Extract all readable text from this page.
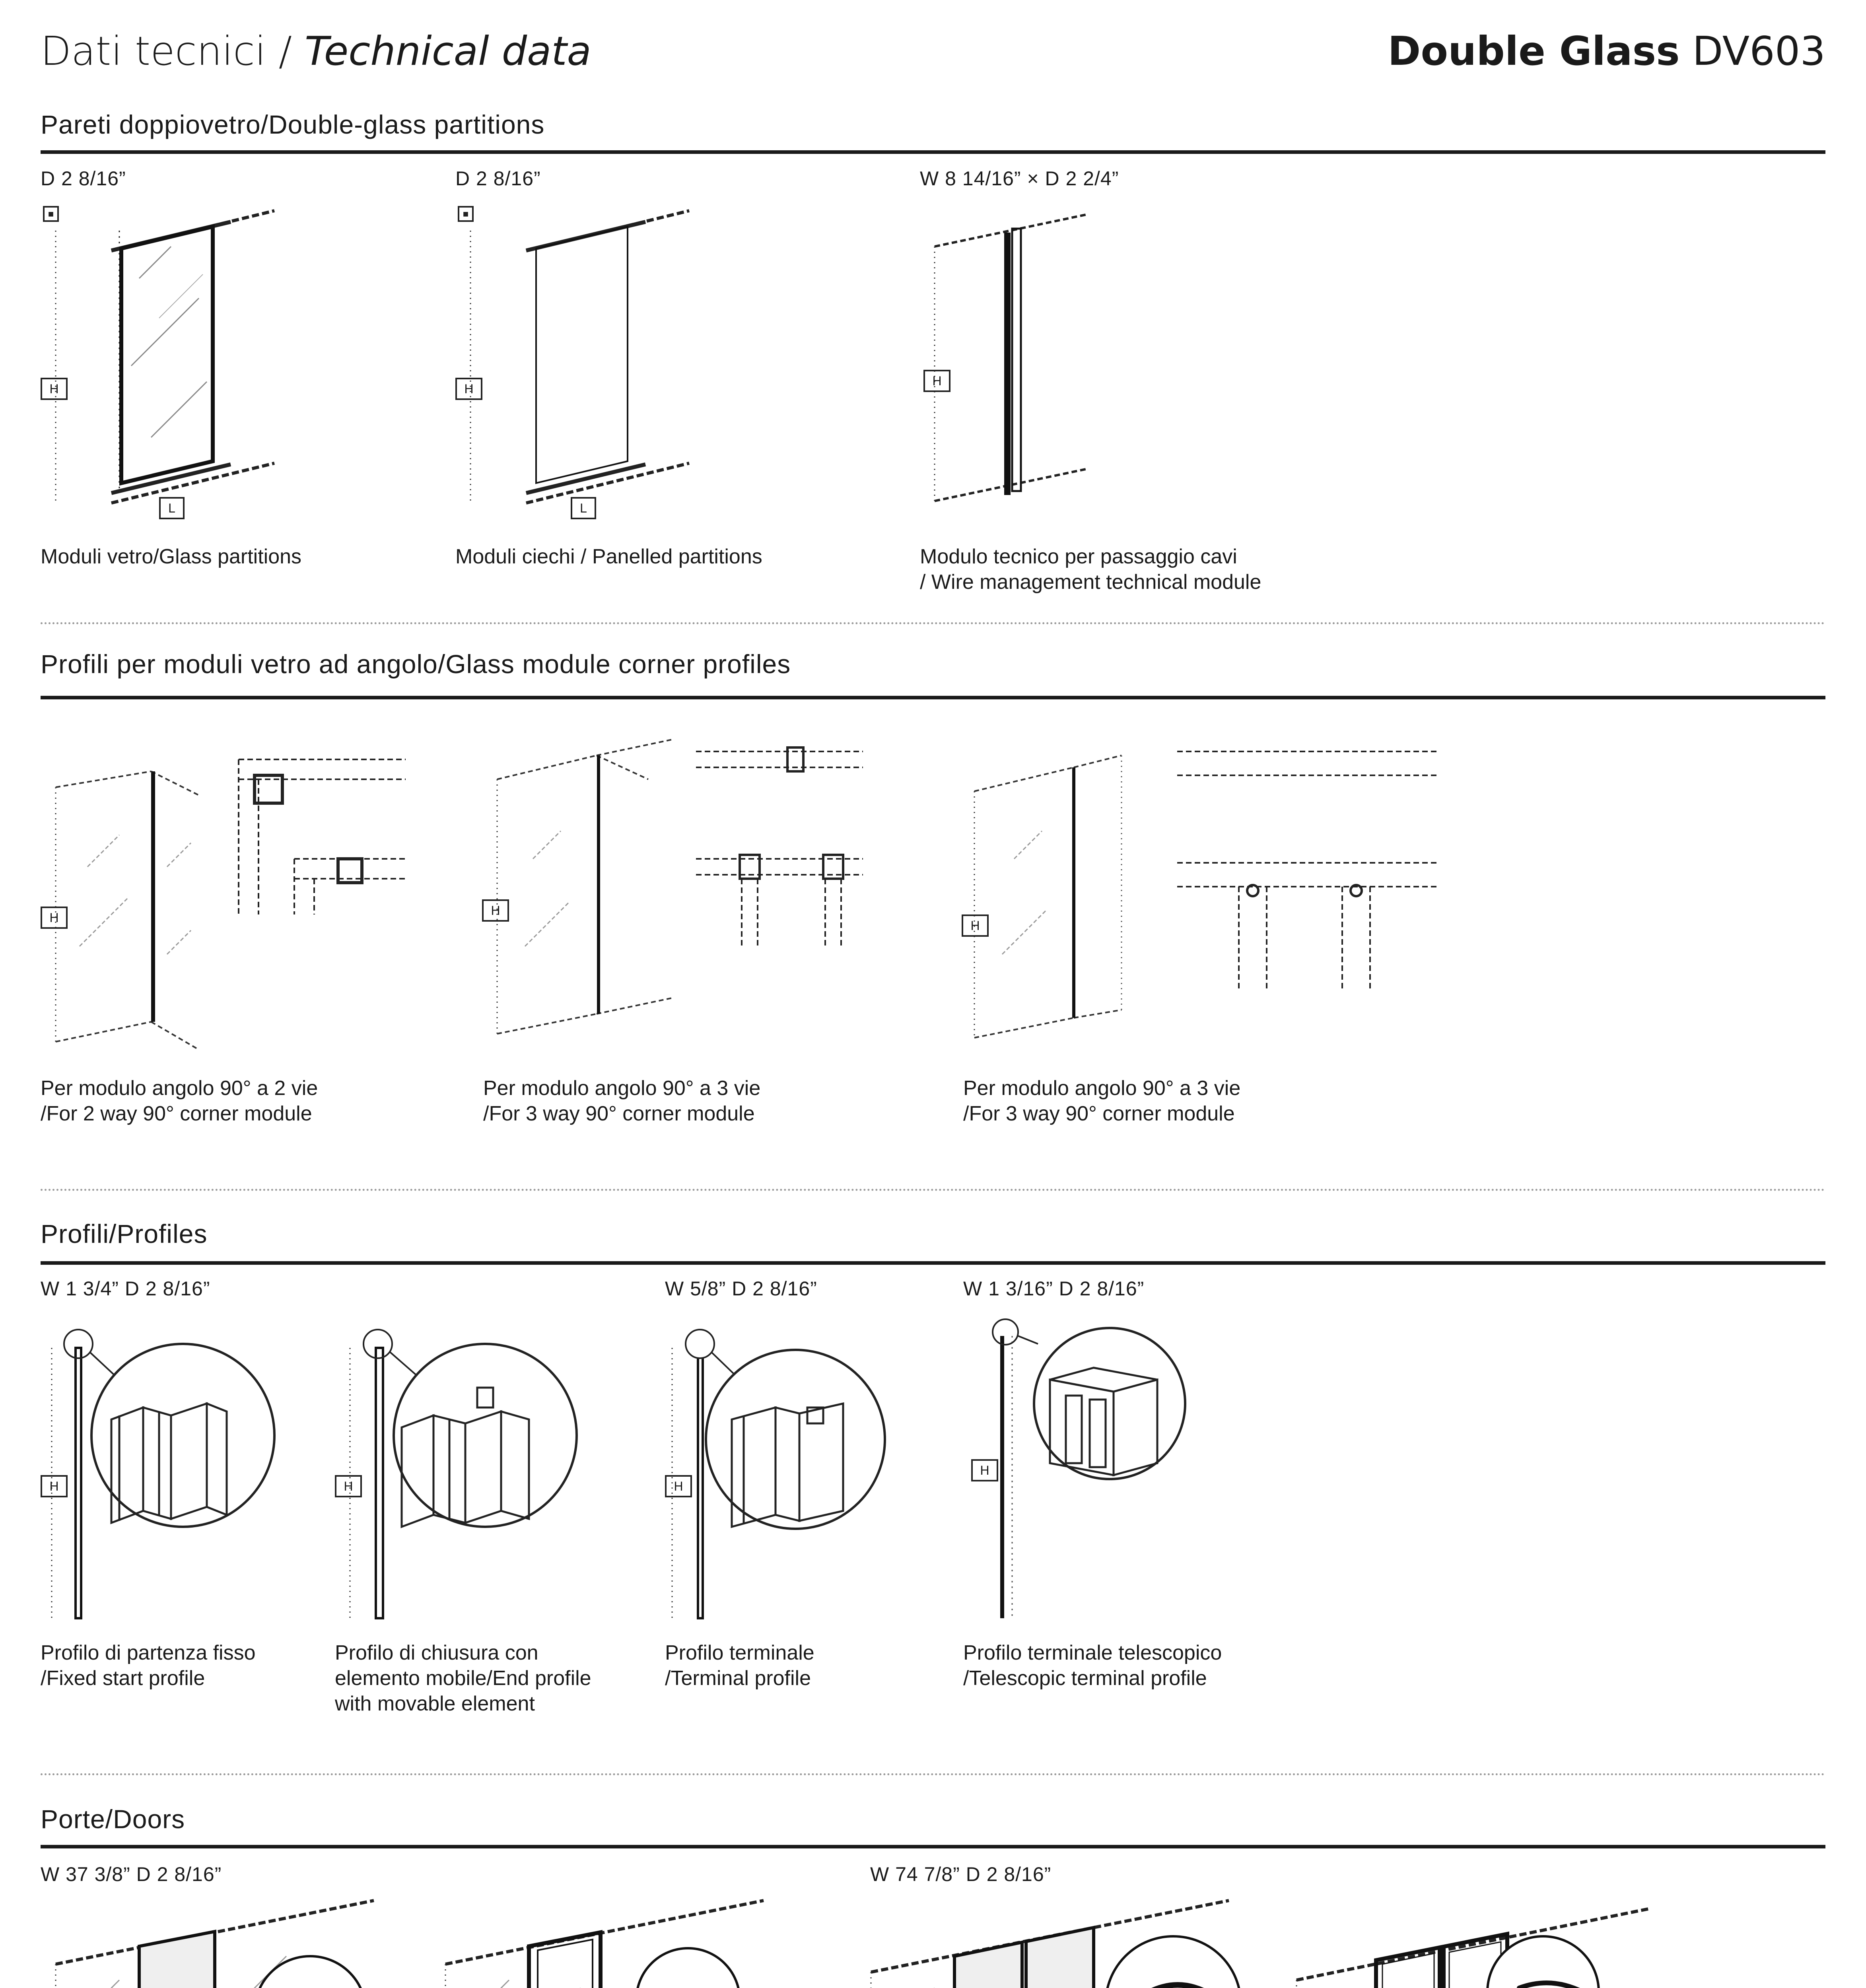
Dati tecnici / Technical data	Double Glass DV603
Pareti doppiovetro/Double-glass partitions
D 2 8/16”	D 2 8/16”	W 8 14/16” × D 2 2/4”
■
H
L
■
H
L
H
Moduli vetro/Glass partitions	Moduli ciechi / Panelled partitions	Modulo tecnico per passaggio cavi
/ Wire management technical module
Profili per moduli vetro ad angolo/Glass module corner profiles
H	H
H
Per modulo angolo 90° a 2 vie
/For 2 way 90° corner module
Per modulo angolo 90° a 3 vie
/For 3 way 90° corner module
Per modulo angolo 90° a 3 vie
/For 3 way 90° corner module
Profili/Profiles
W 1 3/4” D 2 8/16”	W 5/8” D 2 8/16”	W 1 3/16” D 2 8/16”
H	H	H
H
Profilo di partenza fisso
/Fixed start profile
Profilo di chiusura con
elemento mobile/End profile
with movable element
Profilo terminale
/Terminal profile
Profilo terminale telescopico
/Telescopic terminal profile
Porte/Doors
W 37 3/8” D 2 8/16”	W 74 7/8” D 2 8/16”
